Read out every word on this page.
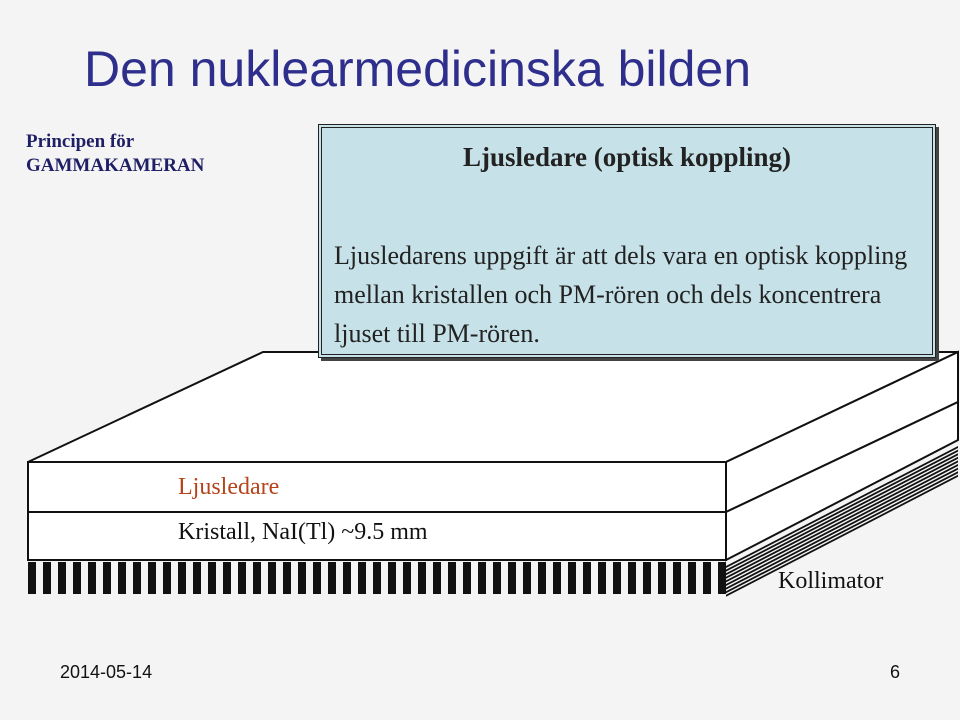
Den nuklearmedicinska bilden
Principen för
GAMMAKAMERAN	Ljusledare (optisk koppling)
Ljusledarens uppgift är att dels vara en optisk koppling mellan kristallen och PM-rören och dels koncentrera ljuset till PM-rören.
Ljusledare
Kristall, NaI(Tl) ~9.5 mm
Kollimator
2014-05-14	6
